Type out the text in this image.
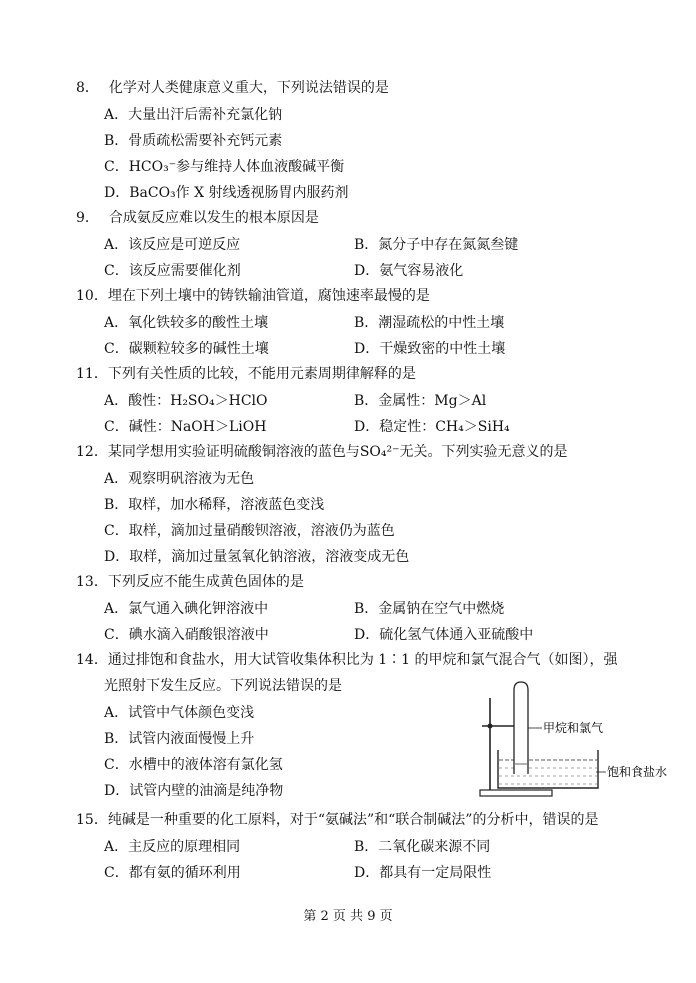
8． 化学对人类健康意义重大，下列说法错误的是
A．大量出汗后需补充氯化钠
B．骨质疏松需要补充钙元素
C．HCO₃⁻参与维持人体血液酸碱平衡
D．BaCO₃作 X 射线透视肠胃内服药剂
9． 合成氨反应难以发生的根本原因是
A．该反应是可逆反应	B．氮分子中存在氮氮叁键
C．该反应需要催化剂	D．氨气容易液化
10．埋在下列土壤中的铸铁输油管道，腐蚀速率最慢的是
A．氧化铁较多的酸性土壤	B．潮湿疏松的中性土壤
C．碳颗粒较多的碱性土壤	D．干燥致密的中性土壤
11．下列有关性质的比较，不能用元素周期律解释的是
A．酸性：H₂SO₄＞HClO	B．金属性：Mg＞Al
C．碱性：NaOH＞LiOH	D．稳定性：CH₄＞SiH₄
12．某同学想用实验证明硫酸铜溶液的蓝色与SO₄²⁻无关。下列实验无意义的是
A．观察明矾溶液为无色
B．取样，加水稀释，溶液蓝色变浅
C．取样，滴加过量硝酸钡溶液，溶液仍为蓝色
D．取样，滴加过量氢氧化钠溶液，溶液变成无色
13．下列反应不能生成黄色固体的是
A．氯气通入碘化钾溶液中	B．金属钠在空气中燃烧
C．碘水滴入硝酸银溶液中	D．硫化氢气体通入亚硫酸中
14．通过排饱和食盐水，用大试管收集体积比为 1∶1 的甲烷和氯气混合气（如图），强
光照射下发生反应。下列说法错误的是
A．试管中气体颜色变浅
B．试管内液面慢慢上升
C．水槽中的液体溶有氯化氢
D．试管内壁的油滴是纯净物
甲烷和氯气
饱和食盐水
15．纯碱是一种重要的化工原料，对于“氨碱法”和“联合制碱法”的分析中，错误的是
A．主反应的原理相同	B．二氧化碳来源不同
C．都有氨的循环利用	D．都具有一定局限性
第 2 页 共 9 页
